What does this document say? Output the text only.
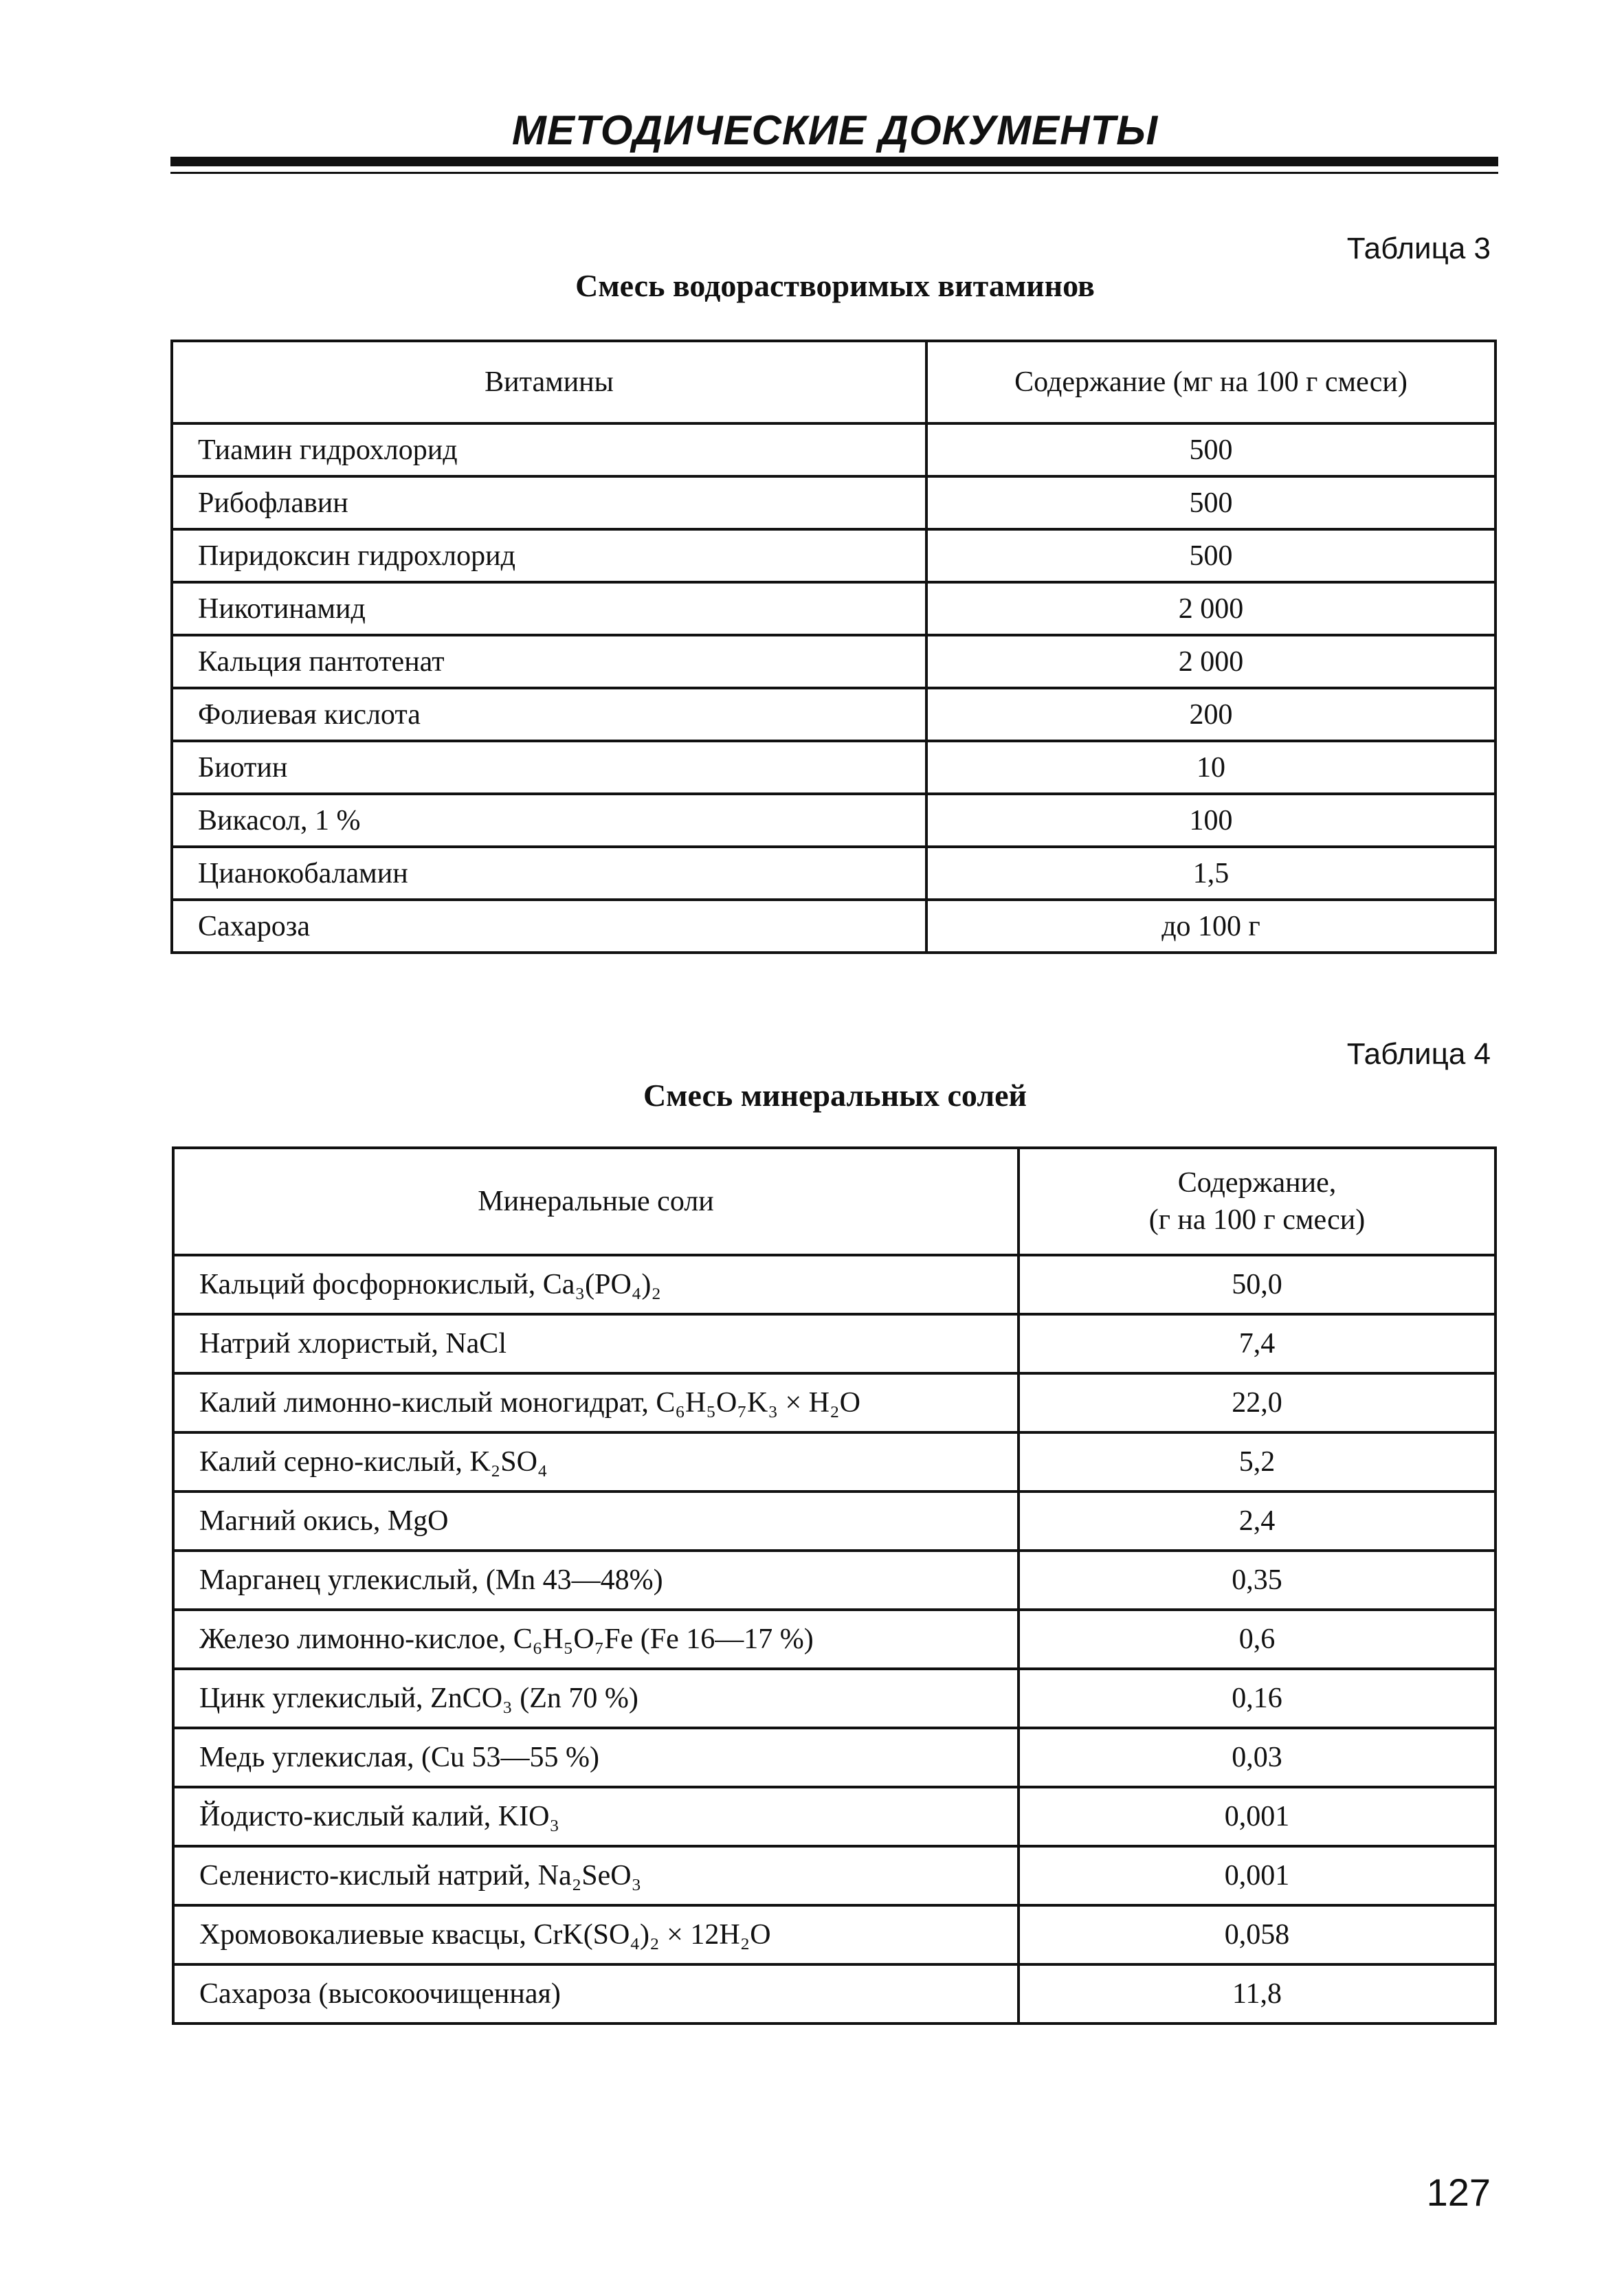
МЕТОДИЧЕСКИЕ ДОКУМЕНТЫ
Таблица 3
Смесь водорастворимых витаминов
Витамины	Содержание (мг на 100 г смеси)
Тиамин гидрохлорид	500
Рибофлавин	500
Пиридоксин гидрохлорид	500
Никотинамид	2 000
Кальция пантотенат	2 000
Фолиевая кислота	200
Биотин	10
Викасол, 1 %	100
Цианокобаламин	1,5
Сахароза	до 100 г
Таблица 4
Смесь минеральных солей
Минеральные соли	Содержание,
(г на 100 г смеси)

Кальций фосфорнокислый, Ca₃(PO₄)₂	50,0
Натрий хлористый, NaCl	7,4
Калий лимонно-кислый моногидрат, C₆H₅O₇K₃ × H₂O	22,0
Калий серно-кислый, K₂SO₄	5,2
Магний окись, MgO	2,4
Марганец углекислый, (Mn 43—48%)	0,35
Железо лимонно-кислое, C₆H₅O₇Fe (Fe 16—17 %)	0,6
Цинк углекислый, ZnCO₃ (Zn 70 %)	0,16
Медь углекислая, (Cu 53—55 %)	0,03
Йодисто-кислый калий, KIO₃	0,001
Селенисто-кислый натрий, Na₂SeO₃	0,001
Хромовокалиевые квасцы, CrK(SO₄)₂ × 12H₂O	0,058
Сахароза (высокоочищенная)	11,8
127
